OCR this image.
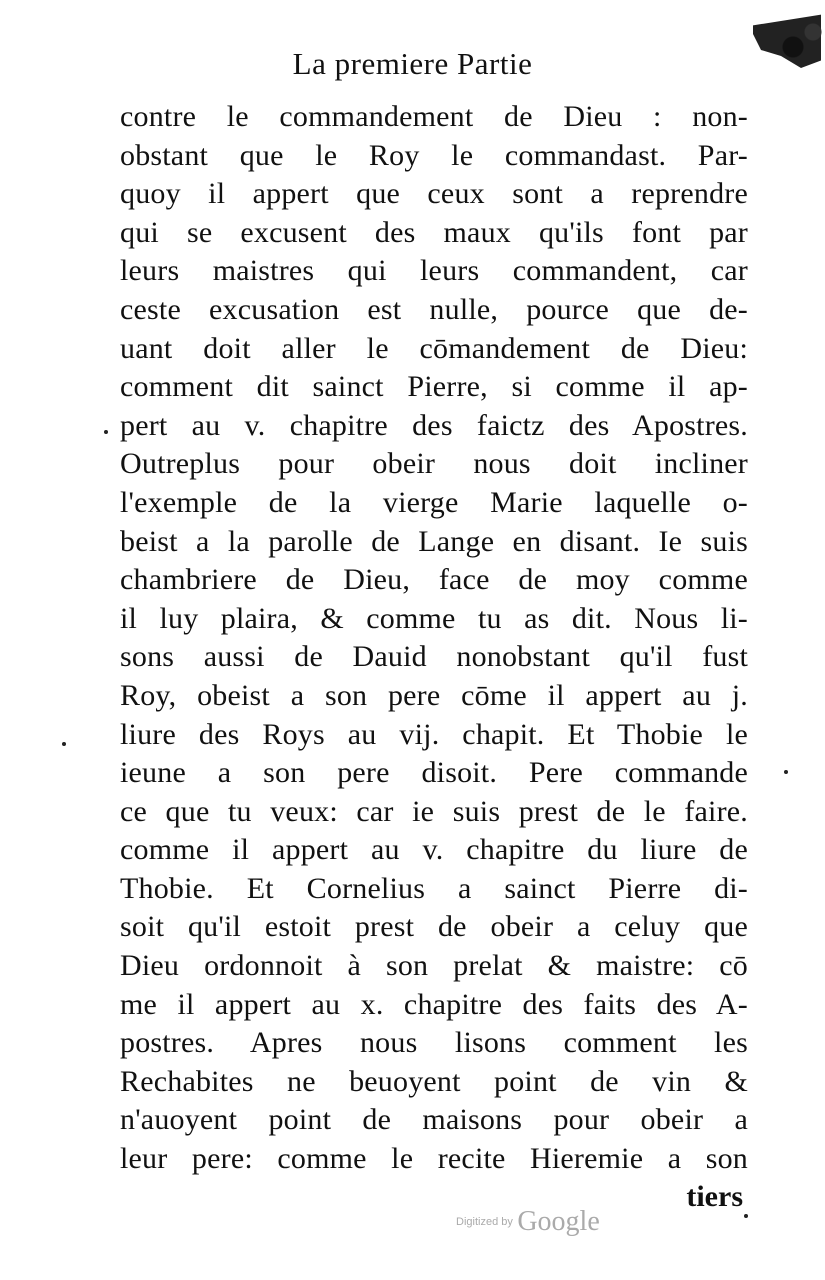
La premiere Partie
contre le commandement de Dieu : non-
obstant que le Roy le commandast. Par-
quoy il appert que ceux sont a reprendre
qui se excusent des maux qu'ils font par
leurs maistres qui leurs commandent, car
ceste excusation est nulle, pource que de-
uant doit aller le cōmandement de Dieu:
comment dit sainct Pierre, si comme il ap-
pert au v. chapitre des faictz des Apostres.
Outreplus pour obeir nous doit incliner
l'exemple de la vierge Marie laquelle o-
beist a la parolle de Lange en disant. Ie suis
chambriere de Dieu, face de moy comme
il luy plaira, & comme tu as dit. Nous li-
sons aussi de Dauid nonobstant qu'il fust
Roy, obeist a son pere cōme il appert au j.
liure des Roys au vij. chapit. Et Thobie le
ieune a son pere disoit. Pere commande
ce que tu veux: car ie suis prest de le faire.
comme il appert au v. chapitre du liure de
Thobie. Et Cornelius a sainct Pierre di-
soit qu'il estoit prest de obeir a celuy que
Dieu ordonnoit à son prelat & maistre: cō
me il appert au x. chapitre des faits des A-
postres. Apres nous lisons comment les
Rechabites ne beuoyent point de vin &
n'auoyent point de maisons pour obeir a
leur pere: comme le recite Hieremie a son
tiers
Digitized by Google
